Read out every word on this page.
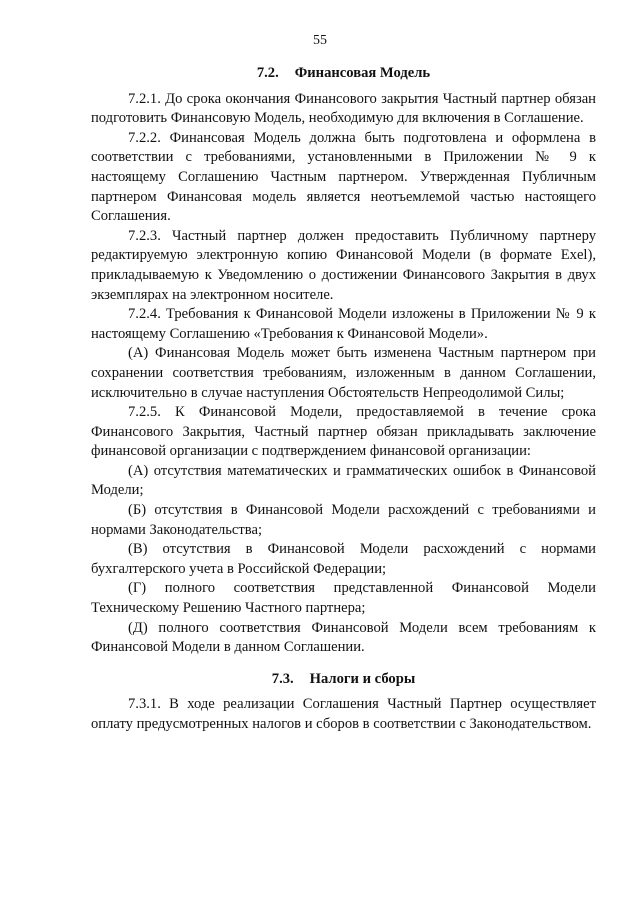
55
7.2. Финансовая Модель

7.2.1. До срока окончания Финансового закрытия Частный партнер обязан подготовить Финансовую Модель, необходимую для включения в Соглашение.

7.2.2. Финансовая Модель должна быть подготовлена и оформлена в соответствии с требованиями, установленными в Приложении № 9 к настоящему Соглашению Частным партнером. Утвержденная Публичным партнером Финансовая модель является неотъемлемой частью настоящего Соглашения.

7.2.3. Частный партнер должен предоставить Публичному партнеру редактируемую электронную копию Финансовой Модели (в формате Exel), прикладываемую к Уведомлению о достижении Финансового Закрытия в двух экземплярах на электронном носителе.

7.2.4. Требования к Финансовой Модели изложены в Приложении № 9 к настоящему Соглашению «Требования к Финансовой Модели».

(А) Финансовая Модель может быть изменена Частным партнером при сохранении соответствия требованиям, изложенным в данном Соглашении, исключительно в случае наступления Обстоятельств Непреодолимой Силы;

7.2.5. К Финансовой Модели, предоставляемой в течение срока Финансового Закрытия, Частный партнер обязан прикладывать заключение финансовой организации с подтверждением финансовой организации:

(А) отсутствия математических и грамматических ошибок в Финансовой Модели;

(Б) отсутствия в Финансовой Модели расхождений с требованиями и нормами Законодательства;

(В) отсутствия в Финансовой Модели расхождений с нормами бухгалтерского учета в Российской Федерации;

(Г) полного соответствия представленной Финансовой Модели Техническому Решению Частного партнера;

(Д) полного соответствия Финансовой Модели всем требованиям к Финансовой Модели в данном Соглашении.

7.3. Налоги и сборы

7.3.1. В ходе реализации Соглашения Частный Партнер осуществляет оплату предусмотренных налогов и сборов в соответствии с Законодательством.
